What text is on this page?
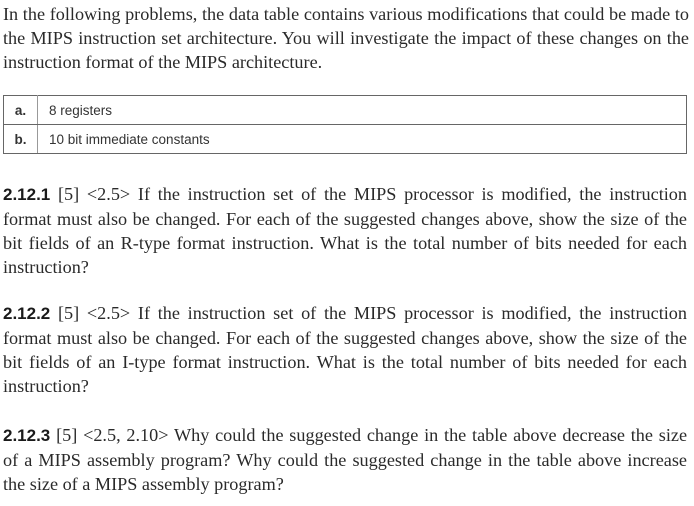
In the following problems, the data table contains various modifications that could be made to the MIPS instruction set architecture. You will investigate the impact of these changes on the instruction format of the MIPS architecture.

a.	8 registers
b.	10 bit immediate constants

2.12.1 [5] <2.5> If the instruction set of the MIPS processor is modified, the instruction format must also be changed. For each of the suggested changes above, show the size of the bit fields of an R-type format instruction. What is the total number of bits needed for each instruction?

2.12.2 [5] <2.5> If the instruction set of the MIPS processor is modified, the instruction format must also be changed. For each of the suggested changes above, show the size of the bit fields of an I-type format instruction. What is the total number of bits needed for each instruction?

2.12.3 [5] <2.5, 2.10> Why could the suggested change in the table above decrease the size of a MIPS assembly program? Why could the suggested change in the table above increase the size of a MIPS assembly program?
